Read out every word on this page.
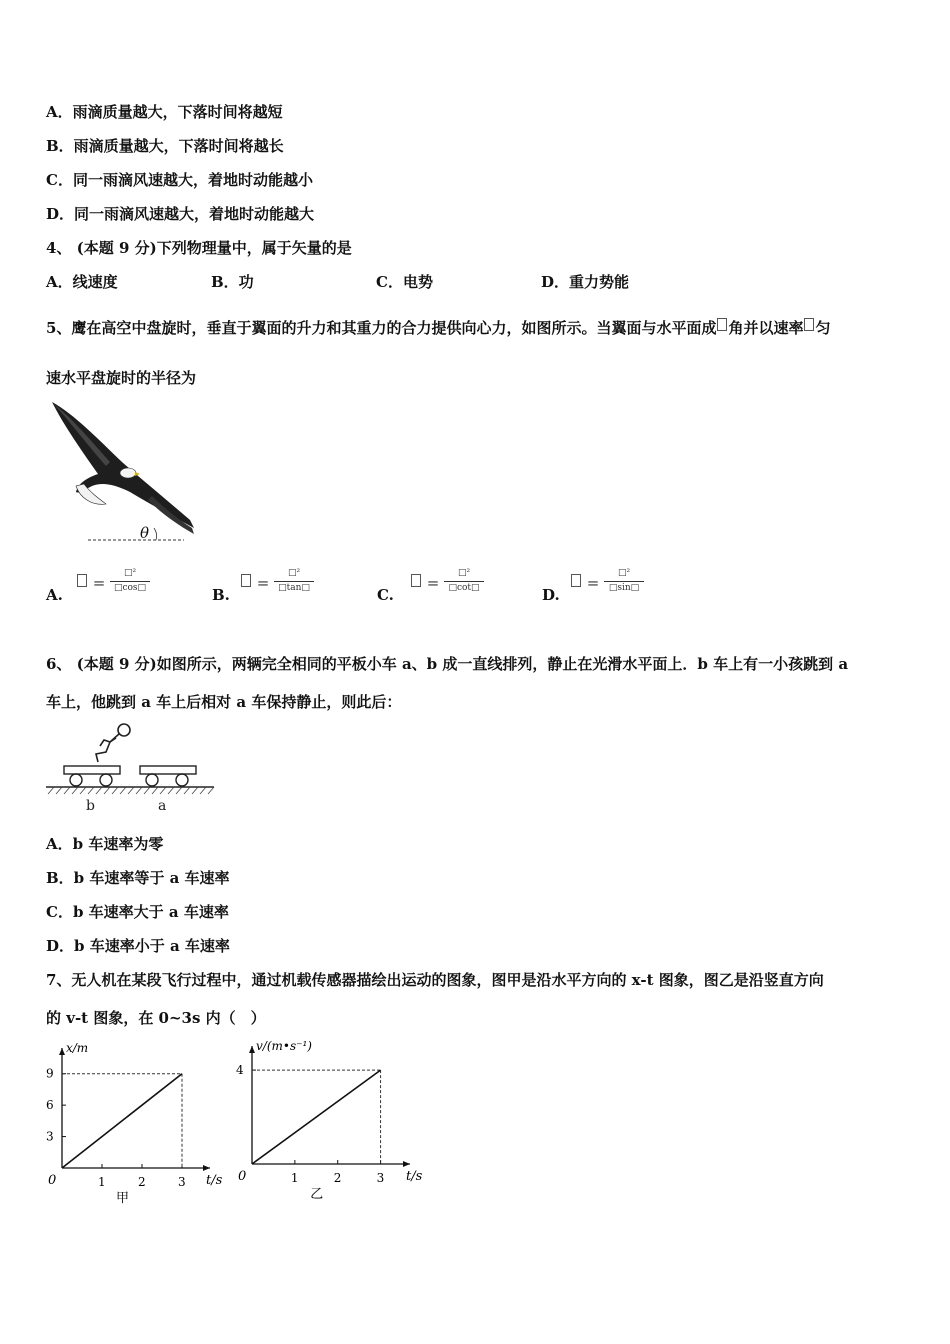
A．雨滴质量越大，下落时间将越短
B．雨滴质量越大，下落时间将越长
C．同一雨滴风速越大，着地时动能越小
D．同一雨滴风速越大，着地时动能越大
4、 (本题 9 分)下列物理量中，属于矢量的是
A．线速度	B．功	C．电势	D．重力势能
5、鹰在高空中盘旋时，垂直于翼面的升力和其重力的合力提供向心力，如图所示。当翼面与水平面成 角并以速率 匀
速水平盘旋时的半径为
θ
A.
=
□²
□cos□	B.
=
□²
□tan□	C.
=
□²
□cot□	D.
=
□²
□sin□
6、 (本题 9 分)如图所示，两辆完全相同的平板小车 a、b 成一直线排列，静止在光滑水平面上．b 车上有一小孩跳到 a
车上，他跳到 a 车上后相对 a 车保持静止，则此后：
b	a
A．b 车速率为零
B．b 车速率等于 a 车速率
C．b 车速率大于 a 车速率
D．b 车速率小于 a 车速率
7、无人机在某段飞行过程中，通过机载传感器描绘出运动的图象，图甲是沿水平方向的 x-t 图象，图乙是沿竖直方向
的 v-t 图象，在 0~3s 内（　）
t/s
x/m
0	1	2	3
3
6
9
甲
t/s
v/(m•s⁻¹)
0	1	2	3
4
乙
